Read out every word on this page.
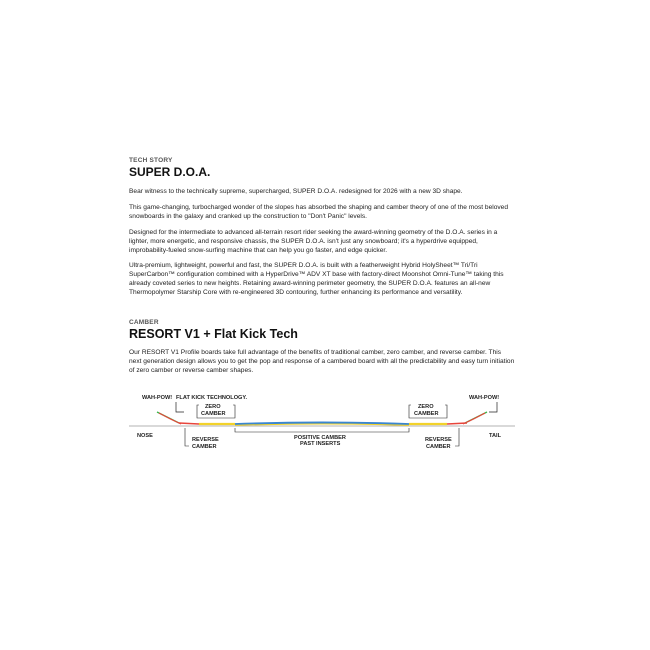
TECH STORY

SUPER D.O.A.

Bear witness to the technically supreme, supercharged, SUPER D.O.A. redesigned for 2026 with a new 3D shape.

This game-changing, turbocharged wonder of the slopes has absorbed the shaping and camber theory of one of the most beloved snowboards in the galaxy and cranked up the construction to "Don't Panic" levels.

Designed for the intermediate to advanced all-terrain resort rider seeking the award-winning geometry of the D.O.A. series in a lighter, more energetic, and responsive chassis, the SUPER D.O.A. isn't just any snowboard; it's a hyperdrive equipped, improbability-fueled snow-surfing machine that can help you go faster, and edge quicker.

Ultra-premium, lightweight, powerful and fast, the SUPER D.O.A. is built with a featherweight Hybrid HolySheet™ Tri/Tri SuperCarbon™ configuration combined with a HyperDrive™ ADV XT base with factory-direct Moonshot Omni-Tune™ taking this already coveted series to new heights. Retaining award-winning perimeter geometry, the SUPER D.O.A. features an all-new Thermopolymer Starship Core with re-engineered 3D contouring, further enhancing its performance and versatility.

CAMBER

RESORT V1 + Flat Kick Tech

Our RESORT V1 Profile boards take full advantage of the benefits of traditional camber, zero camber, and reverse camber. This next generation design allows you to get the pop and response of a cambered board with all the predictability and easy turn initiation of zero camber or reverse camber shapes.

WAH-POW! FLAT KICK TECHNOLOGY.	WAH-POW!
ZERO
CAMBER
ZERO
CAMBER
NOSE	TAIL
REVERSE
CAMBER
POSITIVE CAMBER
PAST INSERTS
REVERSE
CAMBER
